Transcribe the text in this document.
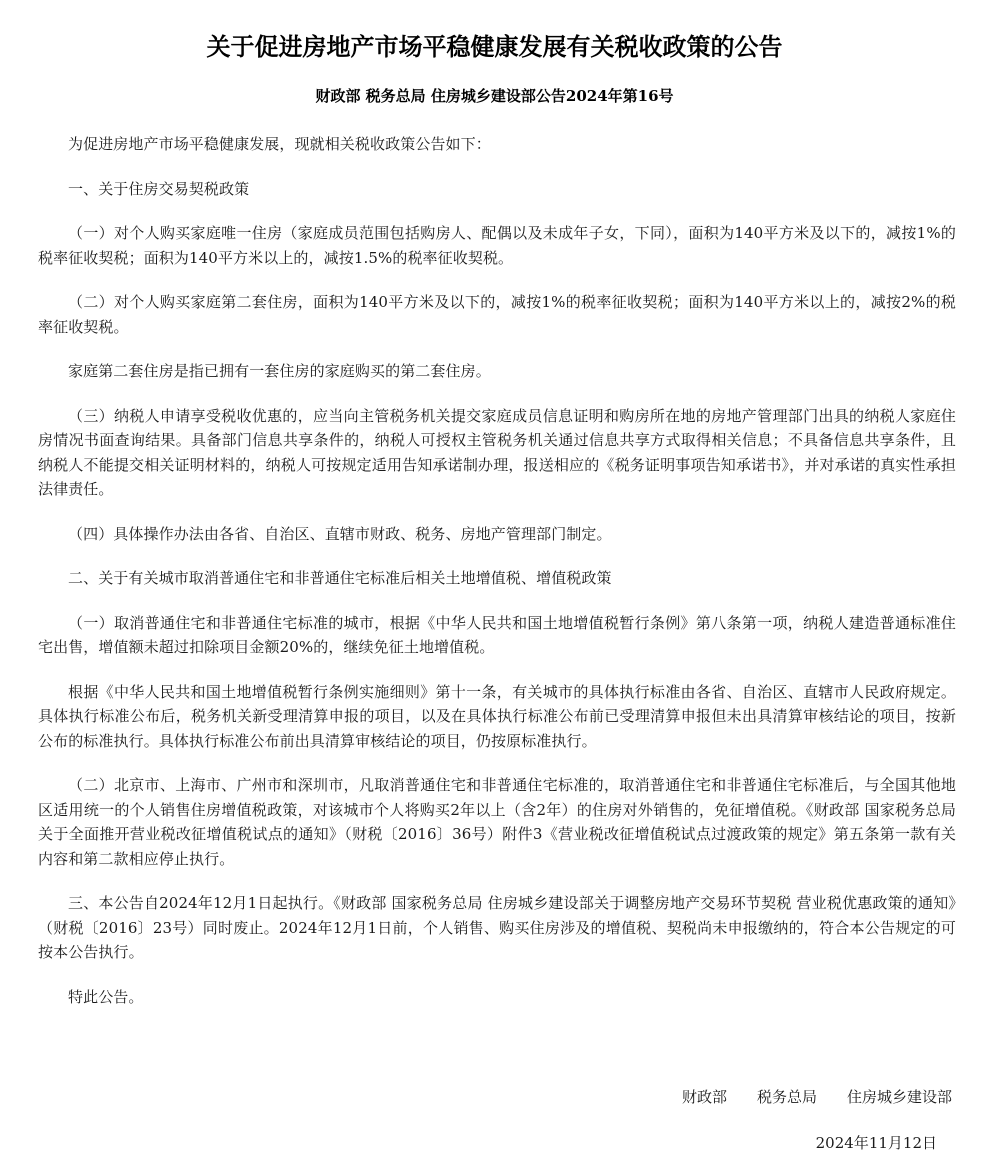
关于促进房地产市场平稳健康发展有关税收政策的公告
财政部 税务总局 住房城乡建设部公告2024年第16号

为促进房地产市场平稳健康发展，现就相关税收政策公告如下：

一、关于住房交易契税政策

（一）对个人购买家庭唯一住房（家庭成员范围包括购房人、配偶以及未成年子女，下同），面积为140平方米及以下的，减按1%的税率征收契税；面积为140平方米以上的，减按1.5%的税率征收契税。

（二）对个人购买家庭第二套住房，面积为140平方米及以下的，减按1%的税率征收契税；面积为140平方米以上的，减按2%的税率征收契税。

家庭第二套住房是指已拥有一套住房的家庭购买的第二套住房。

（三）纳税人申请享受税收优惠的，应当向主管税务机关提交家庭成员信息证明和购房所在地的房地产管理部门出具的纳税人家庭住房情况书面查询结果。具备部门信息共享条件的，纳税人可授权主管税务机关通过信息共享方式取得相关信息；不具备信息共享条件，且纳税人不能提交相关证明材料的，纳税人可按规定适用告知承诺制办理，报送相应的《税务证明事项告知承诺书》，并对承诺的真实性承担法律责任。

（四）具体操作办法由各省、自治区、直辖市财政、税务、房地产管理部门制定。

二、关于有关城市取消普通住宅和非普通住宅标准后相关土地增值税、增值税政策

（一）取消普通住宅和非普通住宅标准的城市，根据《中华人民共和国土地增值税暂行条例》第八条第一项，纳税人建造普通标准住宅出售，增值额未超过扣除项目金额20%的，继续免征土地增值税。

根据《中华人民共和国土地增值税暂行条例实施细则》第十一条，有关城市的具体执行标准由各省、自治区、直辖市人民政府规定。具体执行标准公布后，税务机关新受理清算申报的项目，以及在具体执行标准公布前已受理清算申报但未出具清算审核结论的项目，按新公布的标准执行。具体执行标准公布前出具清算审核结论的项目，仍按原标准执行。

（二）北京市、上海市、广州市和深圳市，凡取消普通住宅和非普通住宅标准的，取消普通住宅和非普通住宅标准后，与全国其他地区适用统一的个人销售住房增值税政策，对该城市个人将购买2年以上（含2年）的住房对外销售的，免征增值税。《财政部 国家税务总局关于全面推开营业税改征增值税试点的通知》（财税〔2016〕36号）附件3《营业税改征增值税试点过渡政策的规定》第五条第一款有关内容和第二款相应停止执行。

三、本公告自2024年12月1日起执行。《财政部 国家税务总局 住房城乡建设部关于调整房地产交易环节契税 营业税优惠政策的通知》（财税〔2016〕23号）同时废止。2024年12月1日前，个人销售、购买住房涉及的增值税、契税尚未申报缴纳的，符合本公告规定的可按本公告执行。

特此公告。

财政部 税务总局 住房城乡建设部
2024年11月12日
